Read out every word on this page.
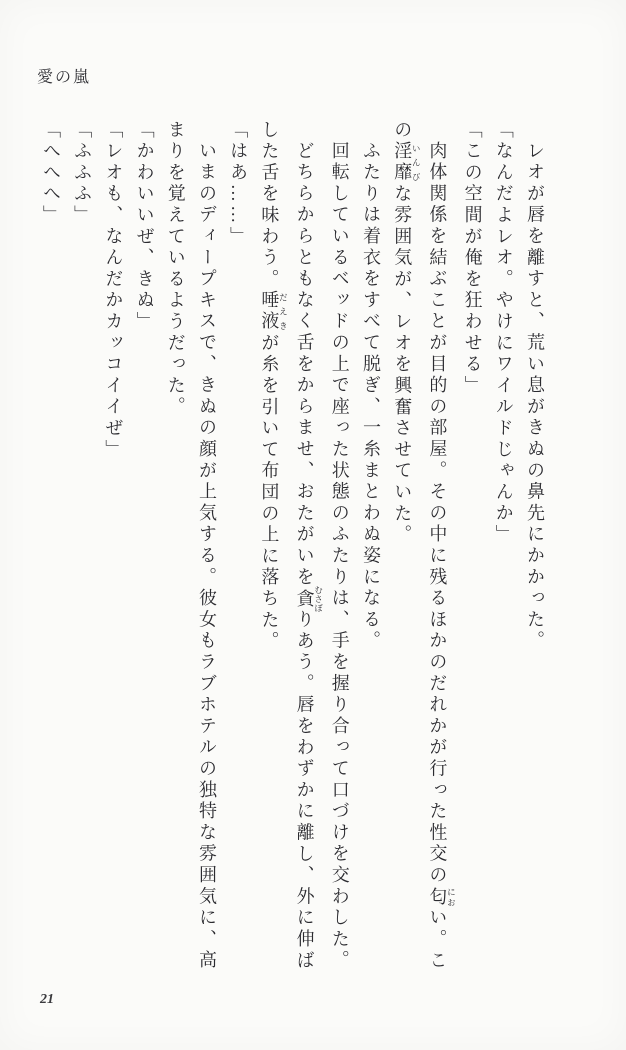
愛の嵐

レオが唇を離すと、荒い息がきぬの鼻先にかかった。

「なんだよレオ。やけにワイルドじゃんか」

「この空間が俺を狂わせる」

肉体関係を結ぶことが目的の部屋。その中に残るほかのだれかが行った性交の匂 におい。こ

の淫靡 いんびな雰囲気が、レオを興奮させていた。

ふたりは着衣をすべて脱ぎ、一糸まとわぬ姿になる。

回転しているベッドの上で座った状態のふたりは、手を握り合って口づけを交わした。

どちらからともなく舌をからませ、おたがいを貪 むさぼりあう。唇をわずかに離し、外に伸ば

した舌を味わう。唾液 だえきが糸を引いて布団の上に落ちた。

「はあ……」

いまのディープキスで、きぬの顔が上気する。彼女もラブホテルの独特な雰囲気に、高

まりを覚えているようだった。

「かわいいぜ、きぬ」

「レオも、なんだかカッコイイぜ」

「ふふふ」

「へへへ」

21
